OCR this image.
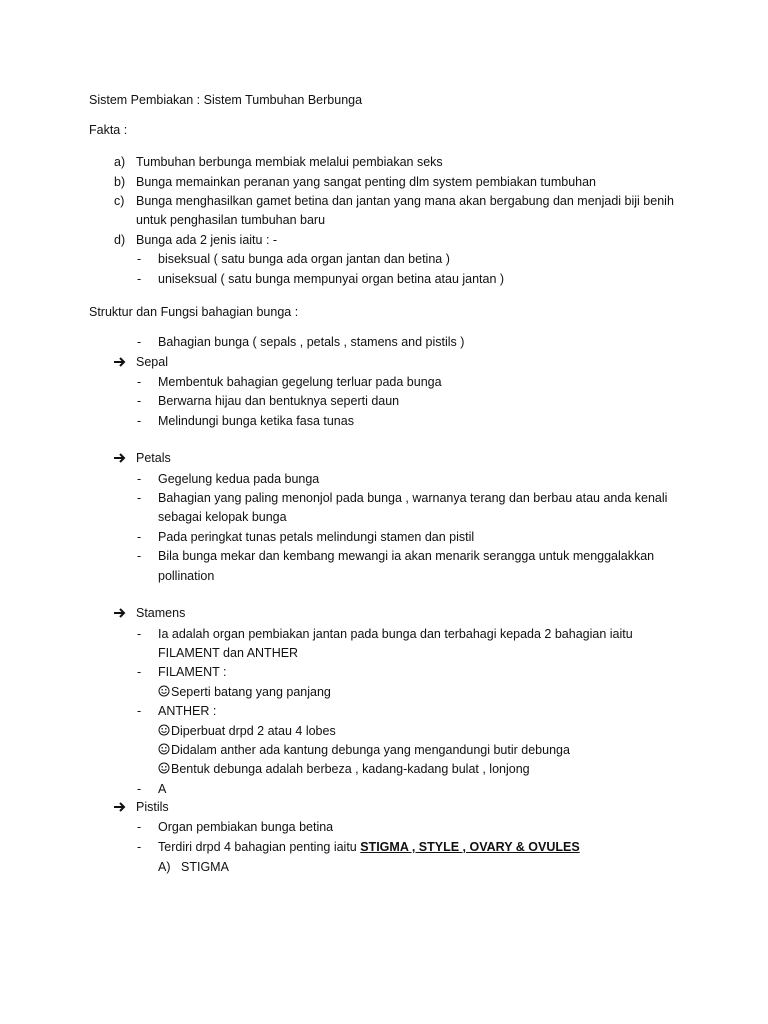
Sistem Pembiakan : Sistem Tumbuhan Berbunga
Fakta :
a) Tumbuhan berbunga membiak melalui pembiakan seks
b) Bunga memainkan peranan yang sangat penting dlm system pembiakan tumbuhan
c) Bunga menghasilkan gamet betina dan jantan yang mana akan bergabung dan menjadi biji benih
untuk penghasilan tumbuhan baru
d) Bunga ada 2 jenis iaitu : -
- biseksual ( satu bunga ada organ jantan dan betina )
- uniseksual ( satu bunga mempunyai organ betina atau jantan )
Struktur dan Fungsi bahagian bunga :
- Bahagian bunga ( sepals , petals , stamens and pistils )
Sepal
- Membentuk bahagian gegelung terluar pada bunga
- Berwarna hijau dan bentuknya seperti daun
- Melindungi bunga ketika fasa tunas
Petals
- Gegelung kedua pada bunga
- Bahagian yang paling menonjol pada bunga , warnanya terang dan berbau atau anda kenali
sebagai kelopak bunga
- Pada peringkat tunas petals melindungi stamen dan pistil
- Bila bunga mekar dan kembang mewangi ia akan menarik serangga untuk menggalakkan
pollination
Stamens
- Ia adalah organ pembiakan jantan pada bunga dan terbahagi kepada 2 bahagian iaitu
FILAMENT dan ANTHER
- FILAMENT :
Seperti batang yang panjang
- ANTHER :
Diperbuat drpd 2 atau 4 lobes
Didalam anther ada kantung debunga yang mengandungi butir debunga
Bentuk debunga adalah berbeza , kadang-kadang bulat , lonjong
- A
Pistils
- Organ pembiakan bunga betina
- Terdiri drpd 4 bahagian penting iaitu STIGMA , STYLE , OVARY & OVULES
A) STIGMA
